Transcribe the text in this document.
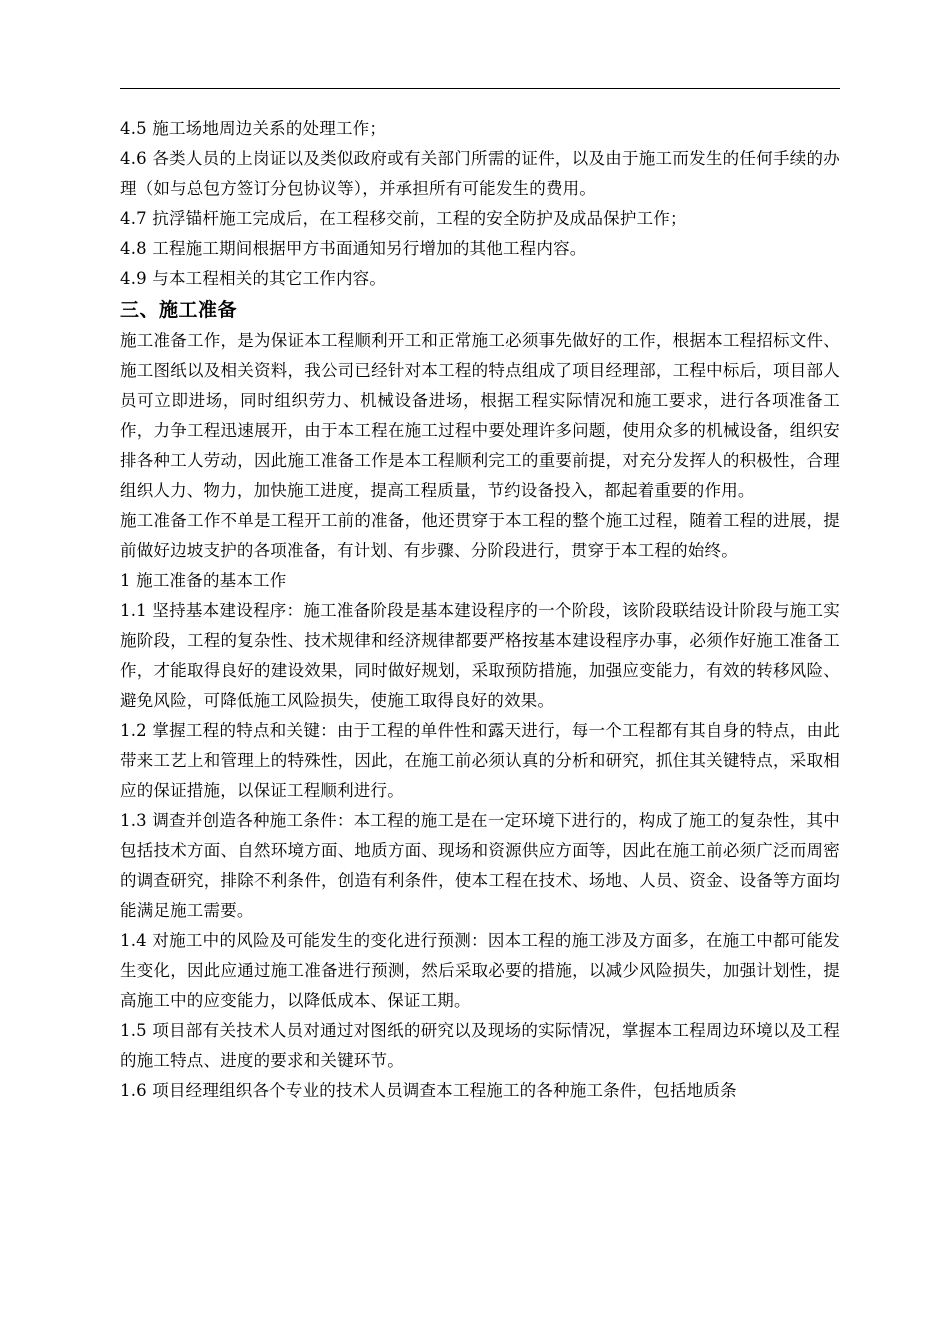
4.5 施工场地周边关系的处理工作；

4.6 各类人员的上岗证以及类似政府或有关部门所需的证件，以及由于施工而发生的任何手续的办理（如与总包方签订分包协议等），并承担所有可能发生的费用。

4.7 抗浮锚杆施工完成后，在工程移交前，工程的安全防护及成品保护工作；

4.8 工程施工期间根据甲方书面通知另行增加的其他工程内容。

4.9 与本工程相关的其它工作内容。

三、施工准备

施工准备工作，是为保证本工程顺利开工和正常施工必须事先做好的工作，根据本工程招标文件、施工图纸以及相关资料，我公司已经针对本工程的特点组成了项目经理部，工程中标后，项目部人员可立即进场，同时组织劳力、机械设备进场，根据工程实际情况和施工要求，进行各项准备工作，力争工程迅速展开，由于本工程在施工过程中要处理许多问题，使用众多的机械设备，组织安排各种工人劳动，因此施工准备工作是本工程顺利完工的重要前提，对充分发挥人的积极性，合理组织人力、物力，加快施工进度，提高工程质量，节约设备投入，都起着重要的作用。

施工准备工作不单是工程开工前的准备，他还贯穿于本工程的整个施工过程，随着工程的进展，提前做好边坡支护的各项准备，有计划、有步骤、分阶段进行，贯穿于本工程的始终。

1 施工准备的基本工作

1.1 坚持基本建设程序：施工准备阶段是基本建设程序的一个阶段，该阶段联结设计阶段与施工实施阶段，工程的复杂性、技术规律和经济规律都要严格按基本建设程序办事，必须作好施工准备工作，才能取得良好的建设效果，同时做好规划，采取预防措施，加强应变能力，有效的转移风险、避免风险，可降低施工风险损失，使施工取得良好的效果。

1.2 掌握工程的特点和关键：由于工程的单件性和露天进行，每一个工程都有其自身的特点，由此带来工艺上和管理上的特殊性，因此，在施工前必须认真的分析和研究，抓住其关键特点，采取相应的保证措施，以保证工程顺利进行。

1.3 调查并创造各种施工条件：本工程的施工是在一定环境下进行的，构成了施工的复杂性，其中包括技术方面、自然环境方面、地质方面、现场和资源供应方面等，因此在施工前必须广泛而周密的调查研究，排除不利条件，创造有利条件，使本工程在技术、场地、人员、资金、设备等方面均能满足施工需要。

1.4 对施工中的风险及可能发生的变化进行预测：因本工程的施工涉及方面多，在施工中都可能发生变化，因此应通过施工准备进行预测，然后采取必要的措施，以减少风险损失，加强计划性，提高施工中的应变能力，以降低成本、保证工期。

1.5 项目部有关技术人员对通过对图纸的研究以及现场的实际情况，掌握本工程周边环境以及工程的施工特点、进度的要求和关键环节。

1.6 项目经理组织各个专业的技术人员调查本工程施工的各种施工条件，包括地质条
